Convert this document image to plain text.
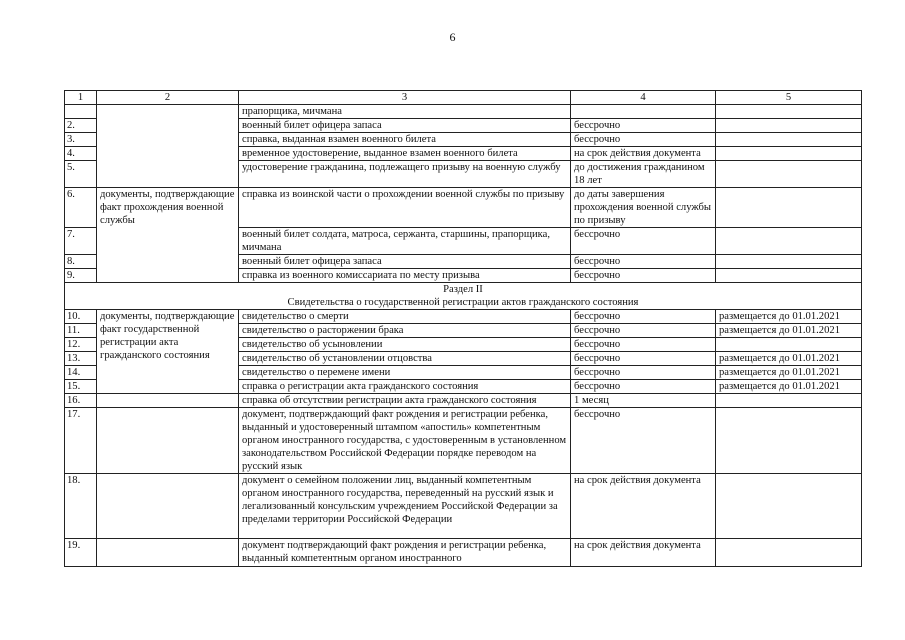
6
1	2	3	4	5
		прапорщика, мичмана		
2.		военный билет офицера запаса	бессрочно	
3.		справка, выданная взамен военного билета	бессрочно	
4.		временное удостоверение, выданное взамен военного билета	на срок действия документа	
5.		удостоверение гражданина, подлежащего призыву на военную службу	до достижения гражданином 18 лет	
6.	документы, подтверждающие факт прохождения военной службы	справка из воинской части о прохождении военной службы по призыву	до даты завершения прохождения военной службы по призыву	
7.		военный билет солдата, матроса, сержанта, старшины, прапорщика, мичмана	бессрочно	
8.		военный билет офицера запаса	бессрочно	
9.		справка из военного комиссариата по месту призыва	бессрочно	

Раздел II
Свидетельства о государственной регистрации актов гражданского состояния				

10.	документы, подтверждающие факт государственной регистрации акта гражданского состояния	свидетельство о смерти	бессрочно	размещается до 01.01.2021
11.		свидетельство о расторжении брака	бессрочно	размещается до 01.01.2021
12.		свидетельство об усыновлении	бессрочно	
13.		свидетельство об установлении отцовства	бессрочно	размещается до 01.01.2021
14.		свидетельство о перемене имени	бессрочно	размещается до 01.01.2021
15.		справка о регистрации акта гражданского состояния	бессрочно	размещается до 01.01.2021
16.		справка об отсутствии регистрации акта гражданского состояния	1 месяц	
17.		документ, подтверждающий факт рождения и регистрации ребенка, выданный и удостоверенный штампом «апостиль» компетентным органом иностранного государства, с удостоверенным в установленном законодательством Российской Федерации порядке переводом на русский язык	бессрочно	
18.		документ о семейном положении лиц, выданный компетентным органом иностранного государства, переведенный на русский язык и легализованный консульским учреждением Российской Федерации за пределами территории Российской Федерации	на срок действия документа	
19.		документ подтверждающий факт рождения и регистрации ребенка, выданный компетентным органом иностранного	на срок действия документа	
